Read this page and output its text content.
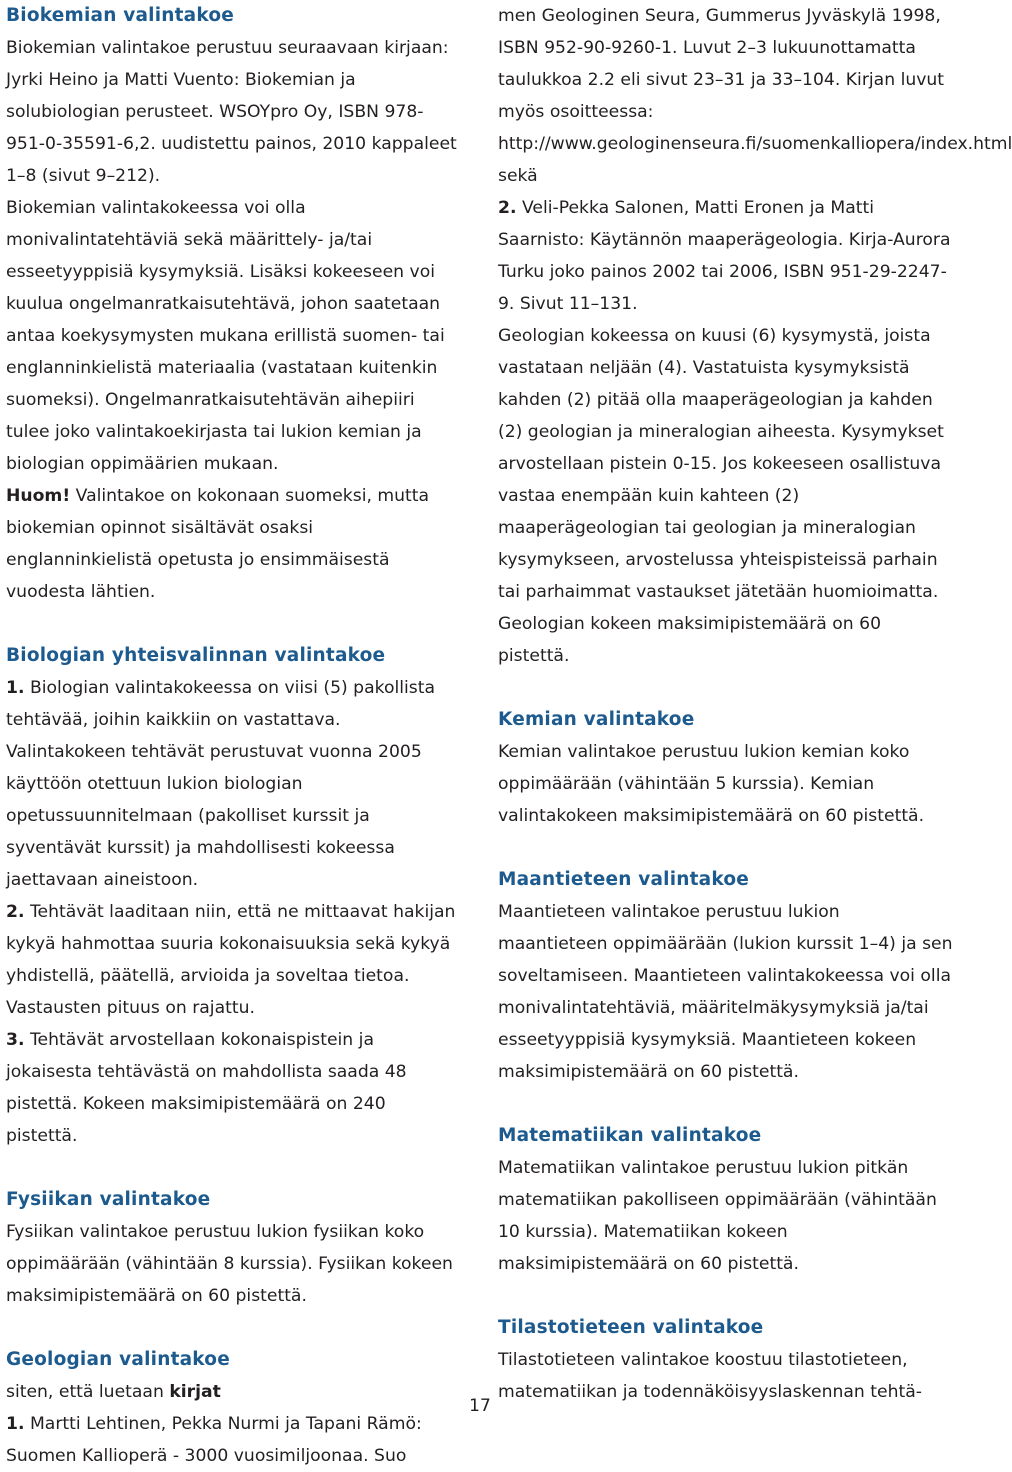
Biokemian valintakoe

Biokemian valintakoe perustuu seuraavaan kirjaan: Jyrki Heino ja Matti Vuento: Biokemian ja solubiologian perusteet. WSOYpro Oy, ISBN 978-951-0-35591-6,2. uudistettu painos, 2010 kappaleet 1–8 (sivut 9–212).

Biokemian valintakokeessa voi olla monivalintatehtäviä sekä määrittely- ja/tai esseetyyppisiä kysymyksiä. Lisäksi kokeeseen voi kuulua ongelmanratkaisutehtävä, johon saatetaan antaa koekysymysten mukana erillistä suomen- tai englanninkielistä materiaalia (vastataan kuitenkin suomeksi). Ongelmanratkaisutehtävän aihepiiri tulee joko valintakoekirjasta tai lukion kemian ja biologian oppimäärien mukaan.

Huom! Valintakoe on kokonaan suomeksi, mutta biokemian opinnot sisältävät osaksi englanninkielistä opetusta jo ensimmäisestä vuodesta lähtien.

Biologian yhteisvalinnan valintakoe

1. Biologian valintakokeessa on viisi (5) pakollista tehtävää, joihin kaikkiin on vastattava. Valintakokeen tehtävät perustuvat vuonna 2005 käyttöön otettuun lukion biologian opetussuunnitelmaan (pakolliset kurssit ja syventävät kurssit) ja mahdollisesti kokeessa jaettavaan aineistoon.

2. Tehtävät laaditaan niin, että ne mittaavat hakijan kykyä hahmottaa suuria kokonaisuuksia sekä kykyä yhdistellä, päätellä, arvioida ja soveltaa tietoa. Vastausten pituus on rajattu.

3. Tehtävät arvostellaan kokonaispistein ja jokaisesta tehtävästä on mahdollista saada 48 pistettä. Kokeen maksimipistemäärä on 240 pistettä.

Fysiikan valintakoe

Fysiikan valintakoe perustuu lukion fysiikan koko oppimäärään (vähintään 8 kurssia). Fysiikan kokeen maksimipistemäärä on 60 pistettä.

Geologian valintakoe

siten, että luetaan kirjat

1. Martti Lehtinen, Pekka Nurmi ja Tapani Rämö: Suomen Kallioperä - 3000 vuosimiljoonaa. Suo

men Geologinen Seura, Gummerus Jyväskylä 1998, ISBN 952-90-9260-1. Luvut 2–3 lukuunottamatta taulukkoa 2.2 eli sivut 23–31 ja 33–104. Kirjan luvut myös osoitteessa: http://www.geologinenseura.fi/suomenkalliopera/index.html

sekä

2. Veli-Pekka Salonen, Matti Eronen ja Matti Saarnisto: Käytännön maaperägeologia. Kirja-Aurora Turku joko painos 2002 tai 2006, ISBN 951-29-2247-9. Sivut 11–131.

Geologian kokeessa on kuusi (6) kysymystä, joista vastataan neljään (4). Vastatuista kysymyksistä kahden (2) pitää olla maaperägeologian ja kahden (2) geologian ja mineralogian aiheesta. Kysymykset arvostellaan pistein 0-15. Jos kokeeseen osallistuva vastaa enempään kuin kahteen (2) maaperägeologian tai geologian ja mineralogian kysymykseen, arvostelussa yhteispisteissä parhain tai parhaimmat vastaukset jätetään huomioimatta. Geologian kokeen maksimipistemäärä on 60 pistettä.

Kemian valintakoe

Kemian valintakoe perustuu lukion kemian koko oppimäärään (vähintään 5 kurssia). Kemian valintakokeen maksimipistemäärä on 60 pistettä.

Maantieteen valintakoe

Maantieteen valintakoe perustuu lukion maantieteen oppimäärään (lukion kurssit 1–4) ja sen soveltamiseen. Maantieteen valintakokeessa voi olla monivalintatehtäviä, määritelmäkysymyksiä ja/tai esseetyyppisiä kysymyksiä. Maantieteen kokeen maksimipistemäärä on 60 pistettä.

Matematiikan valintakoe

Matematiikan valintakoe perustuu lukion pitkän matematiikan pakolliseen oppimäärään (vähintään 10 kurssia). Matematiikan kokeen maksimipistemäärä on 60 pistettä.

Tilastotieteen valintakoe

Tilastotieteen valintakoe koostuu tilastotieteen, matematiikan ja todennäköisyyslaskennan tehtä-

17
